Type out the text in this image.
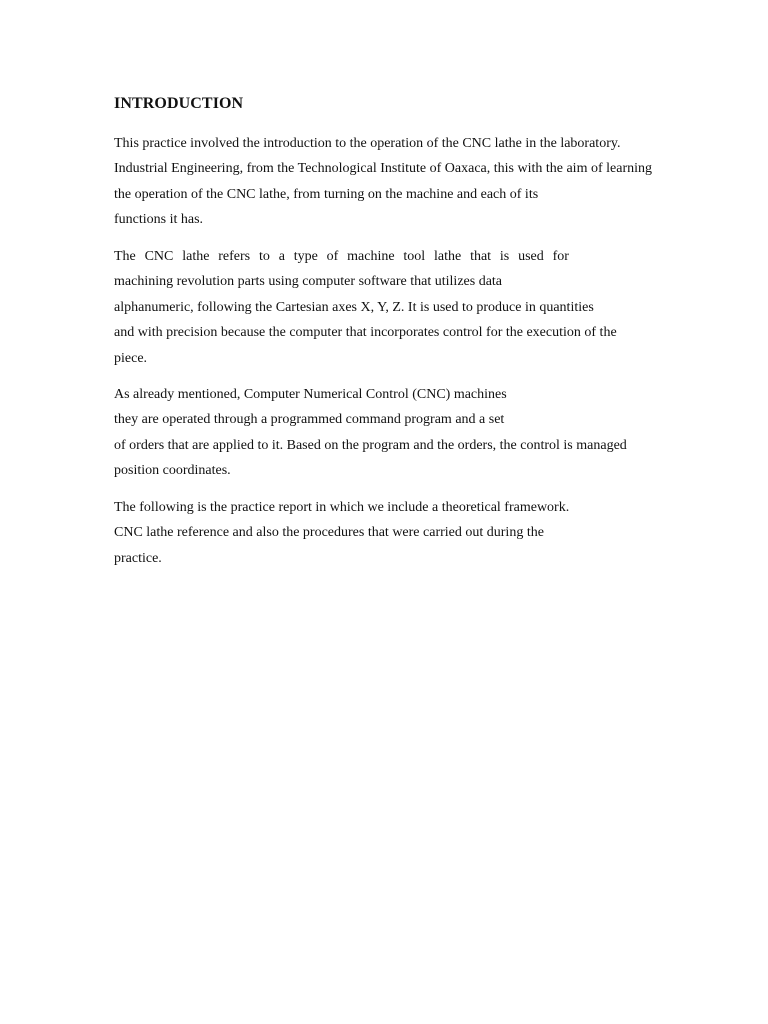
INTRODUCTION
This practice involved the introduction to the operation of the CNC lathe in the laboratory.
Industrial Engineering, from the Technological Institute of Oaxaca, this with the aim of learning
the operation of the CNC lathe, from turning on the machine and each of its
functions it has.
The CNC lathe refers to a type of machine tool lathe that is used for
machining revolution parts using computer software that utilizes data
alphanumeric, following the Cartesian axes X, Y, Z. It is used to produce in quantities
and with precision because the computer that incorporates control for the execution of the
piece.
As already mentioned, Computer Numerical Control (CNC) machines
they are operated through a programmed command program and a set
of orders that are applied to it. Based on the program and the orders, the control is managed
position coordinates.
The following is the practice report in which we include a theoretical framework.
CNC lathe reference and also the procedures that were carried out during the
practice.
